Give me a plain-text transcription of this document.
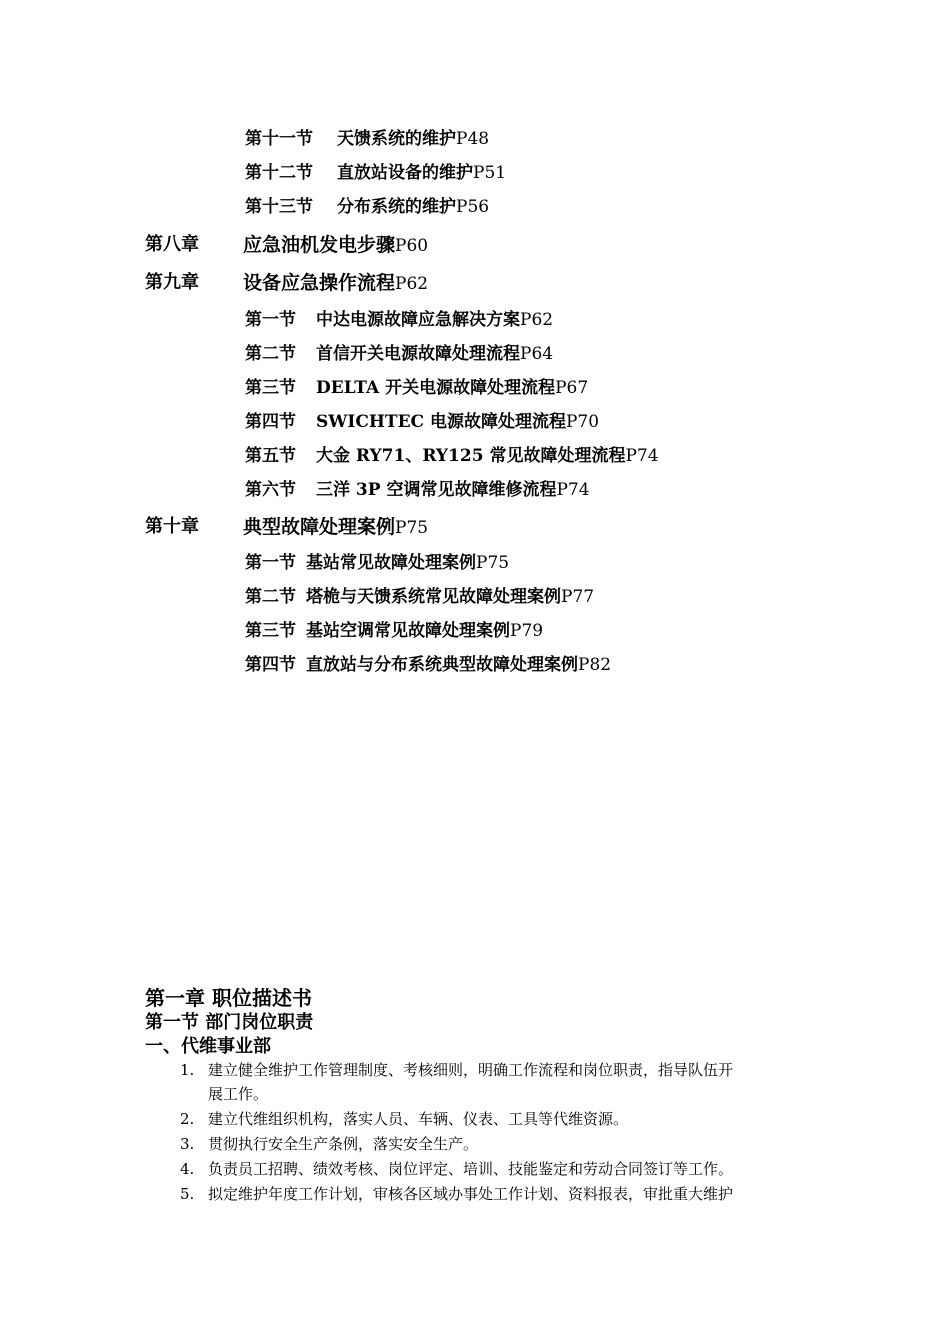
第十一节 天馈系统的维护P48
第十二节 直放站设备的维护P51
第十三节 分布系统的维护P56
第八章 应急油机发电步骤P60
第九章 设备应急操作流程P62
第一节 中达电源故障应急解决方案P62
第二节 首信开关电源故障处理流程P64
第三节 DELTA 开关电源故障处理流程P67
第四节 SWICHTEC 电源故障处理流程P70
第五节 大金 RY71、RY125 常见故障处理流程P74
第六节 三洋 3P 空调常见故障维修流程P74
第十章 典型故障处理案例P75
第一节 基站常见故障处理案例P75
第二节 塔桅与天馈系统常见故障处理案例P77
第三节 基站空调常见故障处理案例P79
第四节 直放站与分布系统典型故障处理案例P82
第一章 职位描述书
第一节 部门岗位职责
一、代维事业部
1. 建立健全维护工作管理制度、考核细则，明确工作流程和岗位职责，指导队伍开
展工作。
2. 建立代维组织机构，落实人员、车辆、仪表、工具等代维资源。
3. 贯彻执行安全生产条例，落实安全生产。
4. 负责员工招聘、绩效考核、岗位评定、培训、技能鉴定和劳动合同签订等工作。
5. 拟定维护年度工作计划，审核各区域办事处工作计划、资料报表，审批重大维护
